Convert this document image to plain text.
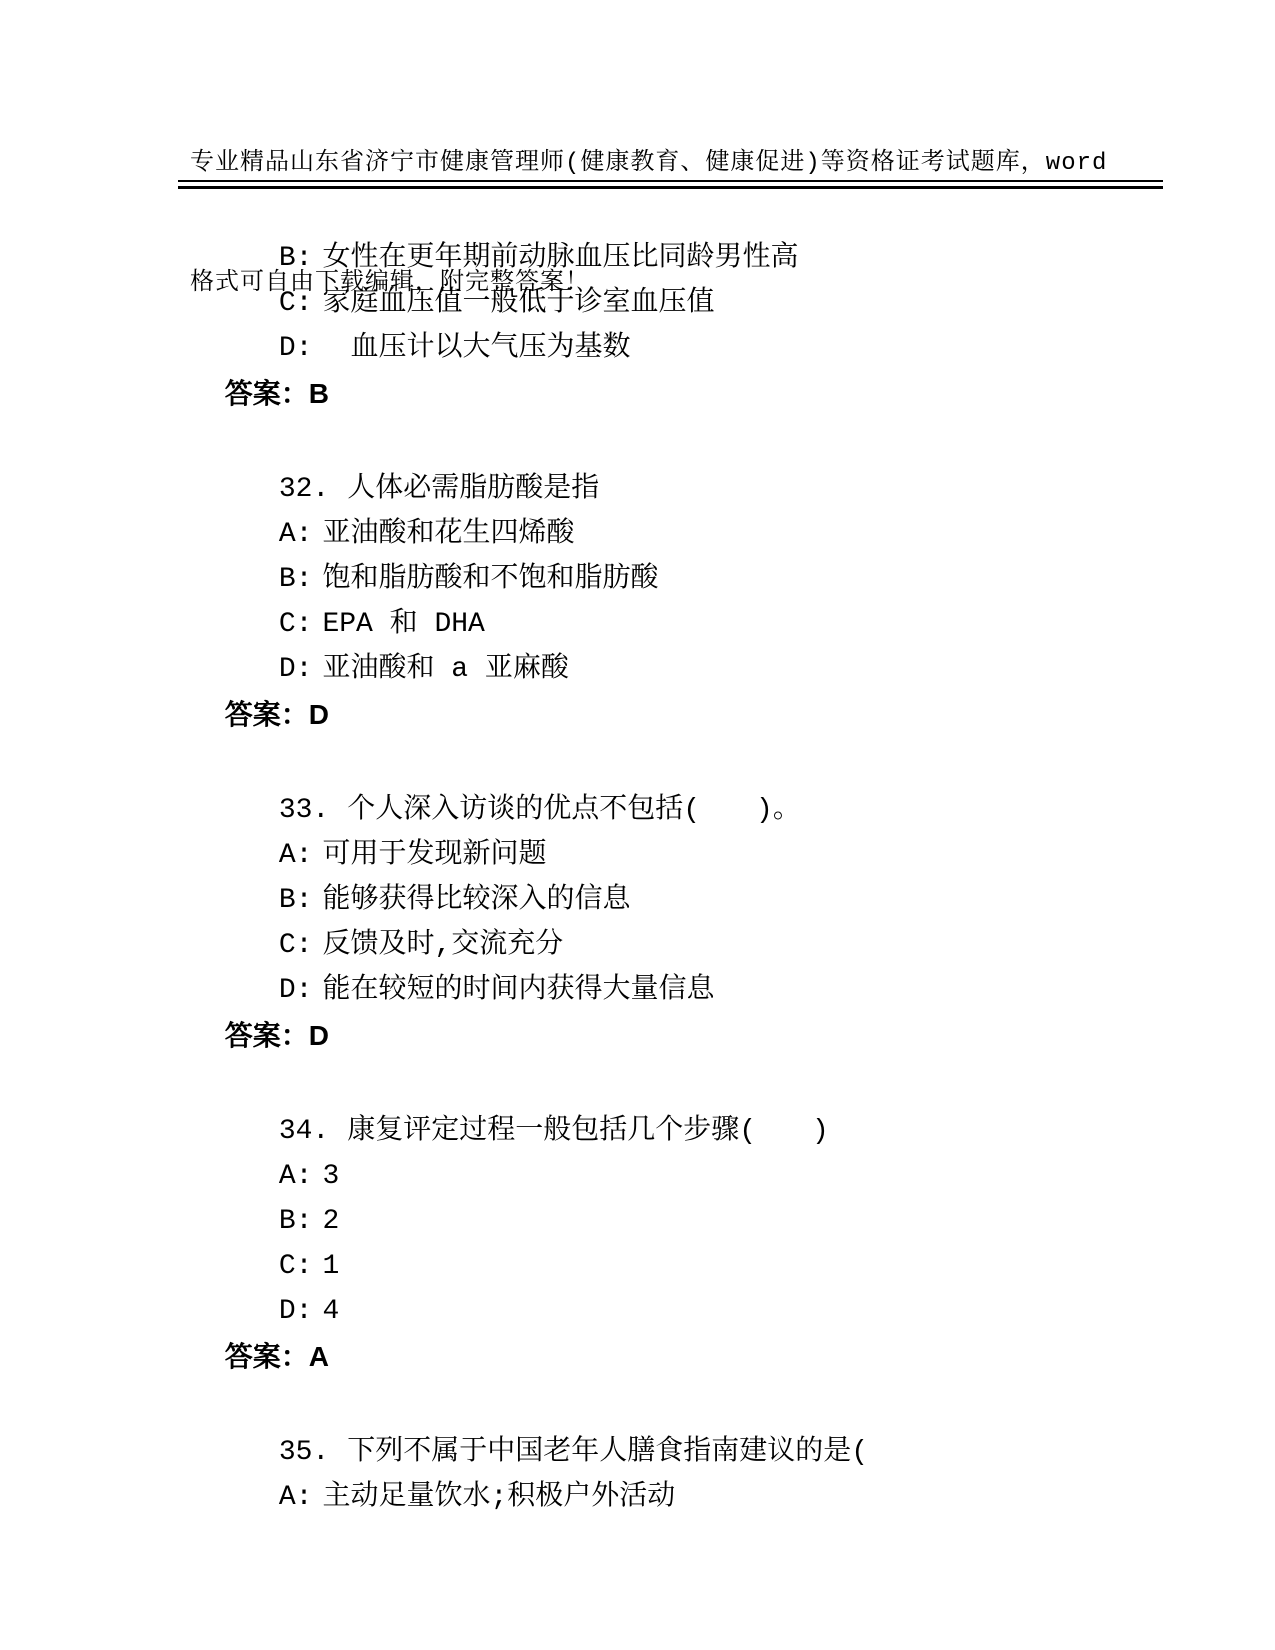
专业精品山东省济宁市健康管理师(健康教育、健康促进)等资格证考试题库，word

格式可自由下载编辑，附完整答案！

B: 女性在更年期前动脉血压比同龄男性高

C: 家庭血压值一般低于诊室血压值

D:　血压计以大气压为基数

答案：B

32. 人体必需脂肪酸是指

A: 亚油酸和花生四烯酸

B: 饱和脂肪酸和不饱和脂肪酸

C: EPA 和 DHA

D: 亚油酸和 a 亚麻酸

答案：D

33. 个人深入访谈的优点不包括(　　)。

A: 可用于发现新问题

B: 能够获得比较深入的信息

C: 反馈及时,交流充分

D: 能在较短的时间内获得大量信息

答案：D

34. 康复评定过程一般包括几个步骤(　　)

A: 3

B: 2

C: 1

D: 4

答案：A

35. 下列不属于中国老年人膳食指南建议的是(

A: 主动足量饮水;积极户外活动
